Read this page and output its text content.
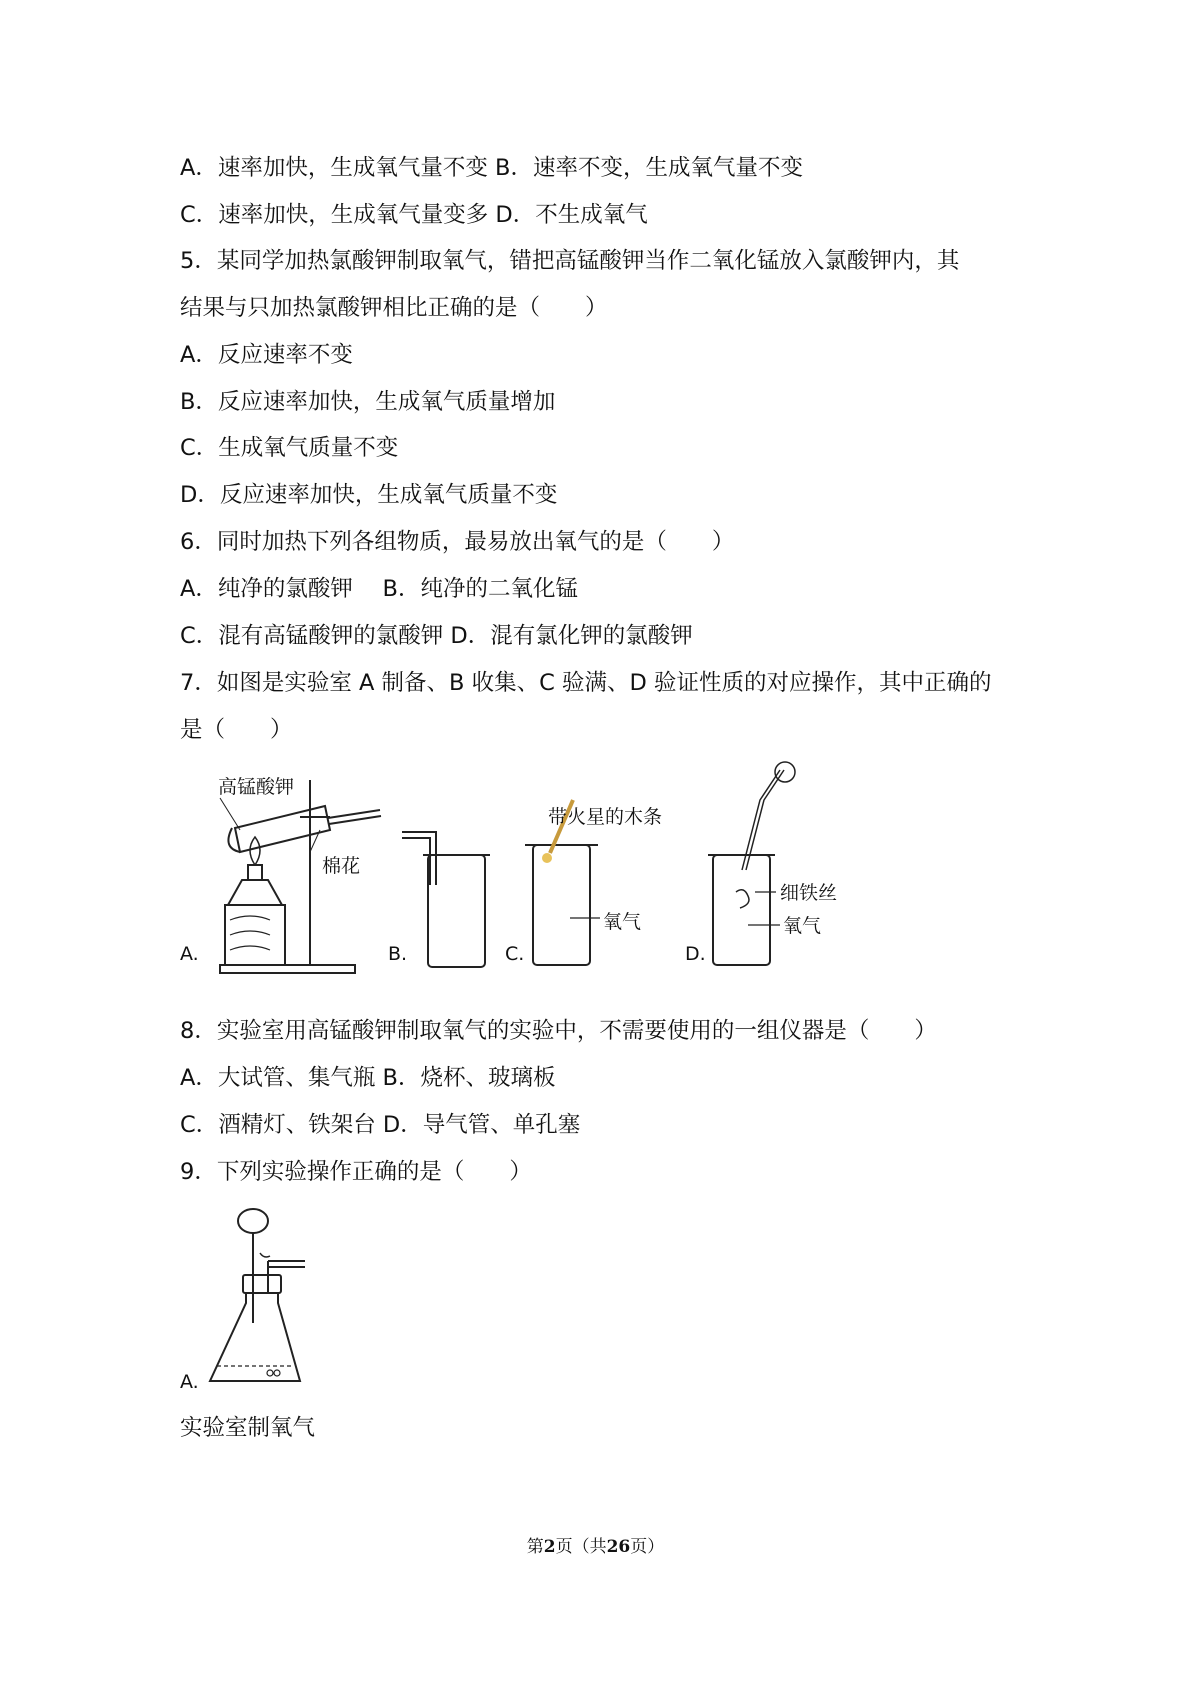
A．速率加快，生成氧气量不变 B．速率不变，生成氧气量不变
C．速率加快，生成氧气量变多 D．不生成氧气
5．某同学加热氯酸钾制取氧气，错把高锰酸钾当作二氧化锰放入氯酸钾内，其
结果与只加热氯酸钾相比正确的是（　　）
A．反应速率不变
B．反应速率加快，生成氧气质量增加
C．生成氧气质量不变
D．反应速率加快，生成氧气质量不变
6．同时加热下列各组物质，最易放出氧气的是（　　）
A．纯净的氯酸钾　 B．纯净的二氧化锰
C．混有高锰酸钾的氯酸钾 D．混有氯化钾的氯酸钾
7．如图是实验室 A 制备、B 收集、C 验满、D 验证性质的对应操作，其中正确的
是（　　）
A.	B.	C.	D.
高锰酸钾
棉花
带火星的木条
氧气
细铁丝
氧气
8．实验室用高锰酸钾制取氧气的实验中，不需要使用的一组仪器是（　　）
A．大试管、集气瓶 B．烧杯、玻璃板
C．酒精灯、铁架台 D．导气管、单孔塞
9．下列实验操作正确的是（　　）
A.
实验室制氧气
第2页（共26页）
